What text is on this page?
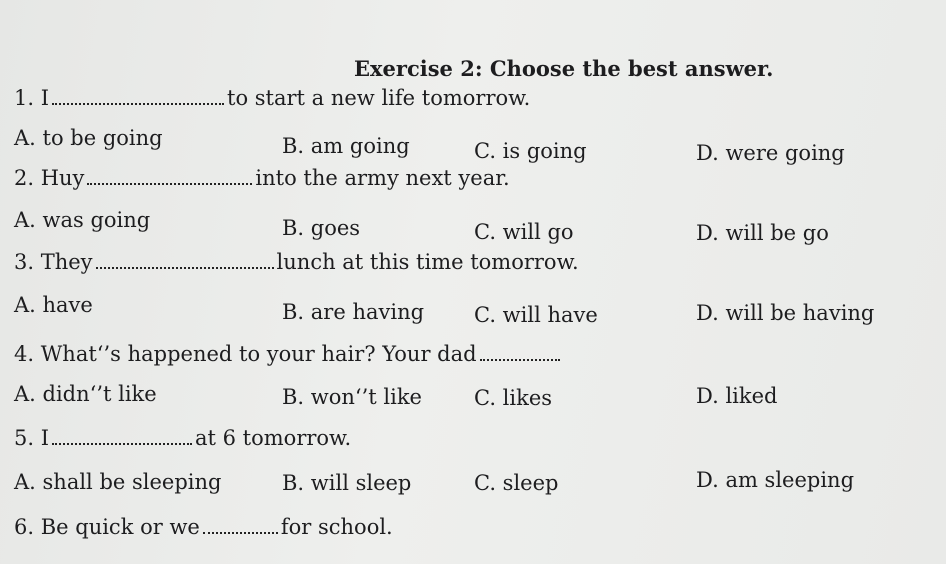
Exercise 2: Choose the best answer.
1. I	to start a new life tomorrow.
A. to be going	B. am going	C. is going	D. were going
2. Huy	into the army next year.
A. was going	B. goes	C. will go	D. will be go
3. They	lunch at this time tomorrow.
A. have	B. are having C. will have	D. will be having
4. What‘’s happened to your hair? Your dad
A. didn‘’t like	B. won‘’t like C. likes	D. liked
5. I	at 6 tomorrow.
A. shall be sleeping	B. will sleep	C. sleep	D. am sleeping
6. Be quick or we	for school.
